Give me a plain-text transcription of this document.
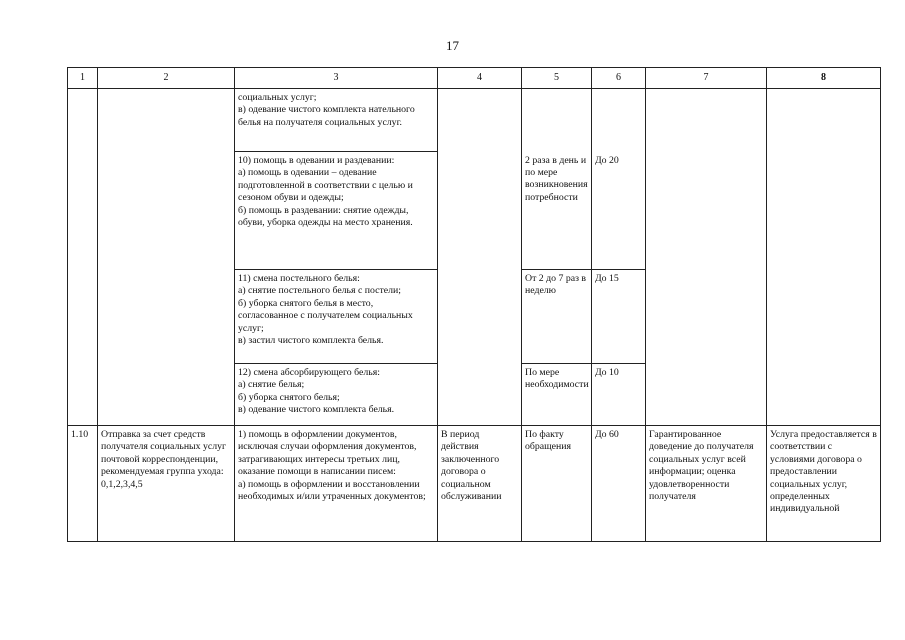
17
1	2	3	4	5	6	7	8
		социальных услуг;
в) одевание чистого комплекта нательного белья на получателя социальных услуг.					
		10) помощь в одевании и раздевании:
а) помощь в одевании – одевание подготовленной в соответствии с целью и сезоном обуви и одежды;
б) помощь в раздевании: снятие одежды, обуви, уборка одежды на место хранения.		2 раза в день и по мере возникновения потребности	До 20		
		11) смена постельного белья:
а) снятие постельного белья с постели;
б) уборка снятого белья в место, согласованное с получателем социальных услуг;
в) застил чистого комплекта белья.		От 2 до 7 раз в неделю	До 15		
		12) смена абсорбирующего белья:
а) снятие белья;
б) уборка снятого белья;
в) одевание чистого комплекта белья.		По мере необходимости	До 10		
1.10	Отправка за счет средств получателя социальных услуг почтовой корреспонденции, рекомендуемая группа ухода: 0,1,2,3,4,5	1) помощь в оформлении документов, исключая случаи оформления документов, затрагивающих интересы третьих лиц, оказание помощи в написании писем:
а) помощь в оформлении и восстановлении необходимых и/или утраченных документов;	В период действия заключенного договора о социальном обслуживании	По факту обращения	До 60	Гарантированное доведение до получателя социальных услуг всей информации; оценка удовлетворенности получателя	Услуга предоставляется в соответствии с условиями договора о предоставлении социальных услуг, определенных индивидуальной
